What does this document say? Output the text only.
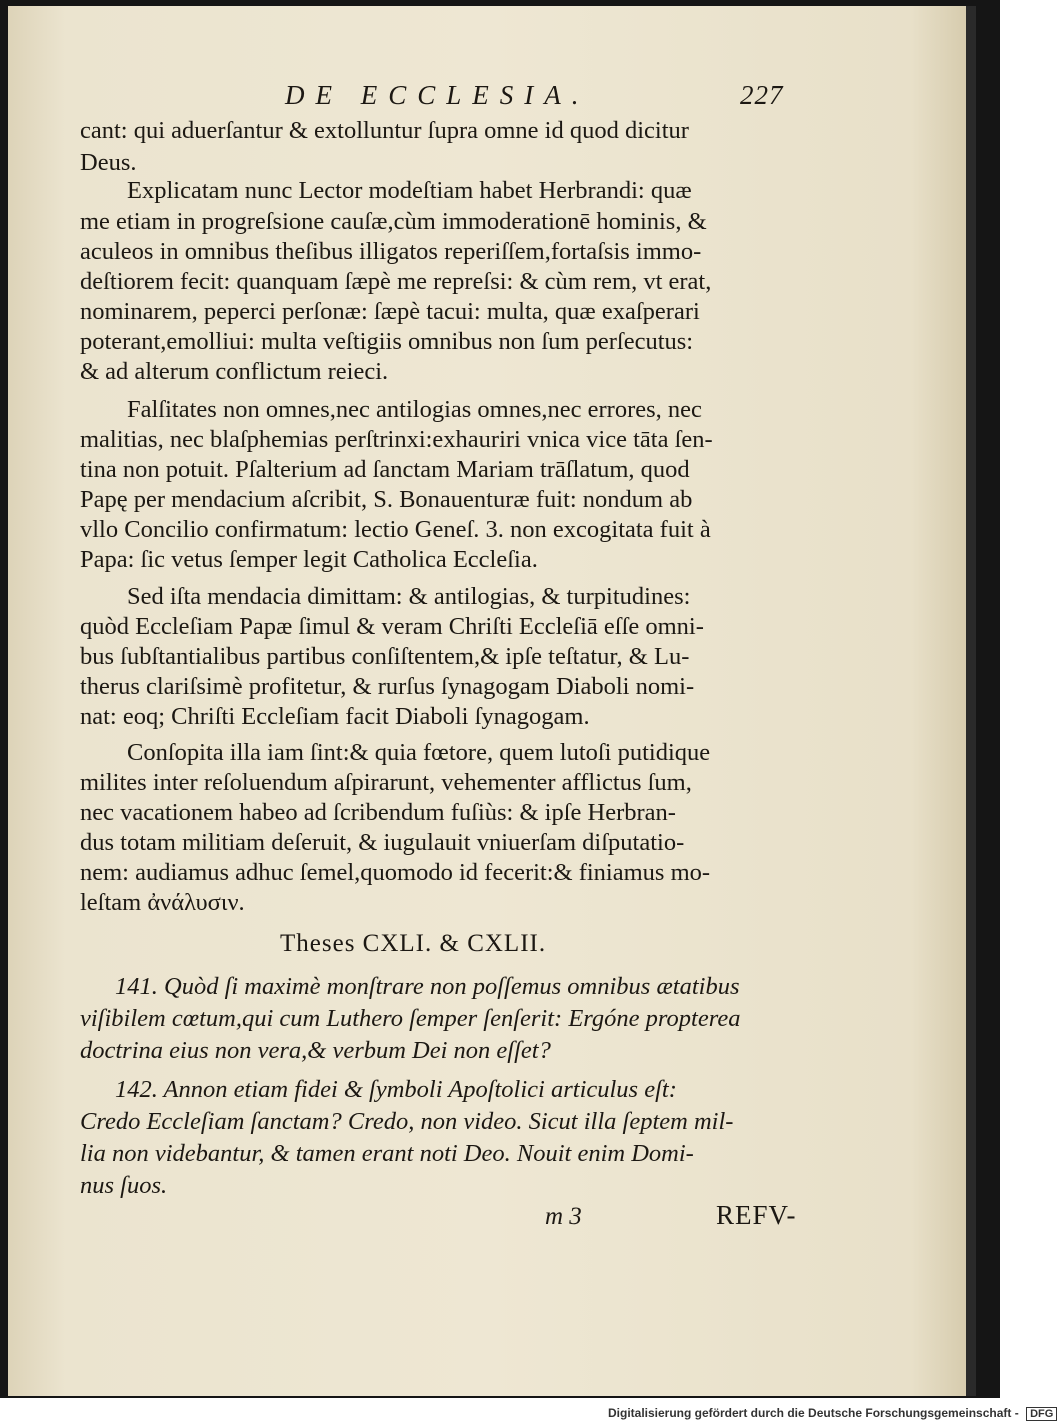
DE ECCLESIA.	227
cant: qui aduerſantur & extolluntur ſupra omne id quod dicitur
Deus.
Explicatam nunc Lector modeſtiam habet Herbrandi: quæ
me etiam in progreſsione cauſæ,cùm immoderationē hominis, &
aculeos in omnibus theſibus illigatos reperiſſem,fortaſsis immo-
deſtiorem fecit: quanquam ſæpè me repreſsi: & cùm rem, vt erat,
nominarem, peperci perſonæ: ſæpè tacui: multa, quæ exaſperari
poterant,emolliui: multa veſtigiis omnibus non ſum perſecutus:
& ad alterum conflictum reieci.
Falſitates non omnes,nec antilogias omnes,nec errores, nec
malitias, nec blaſphemias perſtrinxi:exhauriri vnica vice tāta ſen-
tina non potuit. Pſalterium ad ſanctam Mariam trāſlatum, quod
Papę per mendacium aſcribit, S. Bonauenturæ fuit: nondum ab
vllo Concilio confirmatum: lectio Geneſ. 3. non excogitata fuit à
Papa: ſic vetus ſemper legit Catholica Eccleſia.
Sed iſta mendacia dimittam: & antilogias, & turpitudines:
quòd Eccleſiam Papæ ſimul & veram Chriſti Eccleſiā eſſe omni-
bus ſubſtantialibus partibus conſiſtentem,& ipſe teſtatur, & Lu-
therus clariſsimè profitetur, & rurſus ſynagogam Diaboli nomi-
nat: eoq; Chriſti Eccleſiam facit Diaboli ſynagogam.
Conſopita illa iam ſint:& quia fœtore, quem lutoſi putidique
milites inter reſoluendum aſpirarunt, vehementer afflictus ſum,
nec vacationem habeo ad ſcribendum fuſiùs: & ipſe Herbran-
dus totam militiam deſeruit, & iugulauit vniuerſam diſputatio-
nem: audiamus adhuc ſemel,quomodo id fecerit:& finiamus mo-
leſtam ἀνάλυσιν.
Theses CXLI. & CXLII.
141. Quòd ſi maximè monſtrare non poſſemus omnibus ætatibus
viſibilem cœtum,qui cum Luthero ſemper ſenſerit: Ergóne propterea
doctrina eius non vera,& verbum Dei non eſſet?
142. Annon etiam fidei & ſymboli Apoſtolici articulus eſt:
Credo Eccleſiam ſanctam? Credo, non video. Sicut illa ſeptem mil-
lia non videbantur, & tamen erant noti Deo. Nouit enim Domi-
nus ſuos.
m 3	REFV-
Digitalisierung gefördert durch die Deutsche Forschungsgemeinschaft - DFG
